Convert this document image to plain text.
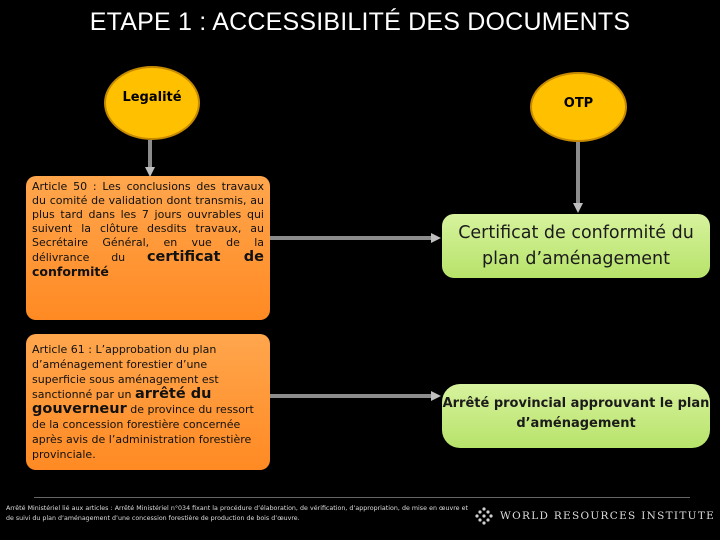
ETAPE 1 : ACCESSIBILITÉ DES DOCUMENTS
Legalité	OTP
Article 50 : Les conclusions des travaux du comité de validation dont transmis, au plus tard dans les 7 jours ouvrables qui suivent la clôture desdits travaux, au Secrétaire Général, en vue de la délivrance du certificat de conformité
Article 61 : L’approbation du plan d’aménagement forestier d’une superficie sous aménagement est sanctionné par un arrêté du gouverneur de province du ressort de la concession forestière concernée après avis de l’administration forestière provinciale.
Certificat de conformité du plan d’aménagement
Arrêté provincial approuvant le plan d’aménagement
Arrêté Ministériel lié aux articles : Arrêté Ministériel n°034 fixant la procédure d’élaboration, de vérification, d’appropriation, de mise en œuvre et de suivi du plan d’aménagement d’une concession forestière de production de bois d’œuvre.	WORLD RESOURCES INSTITUTE
